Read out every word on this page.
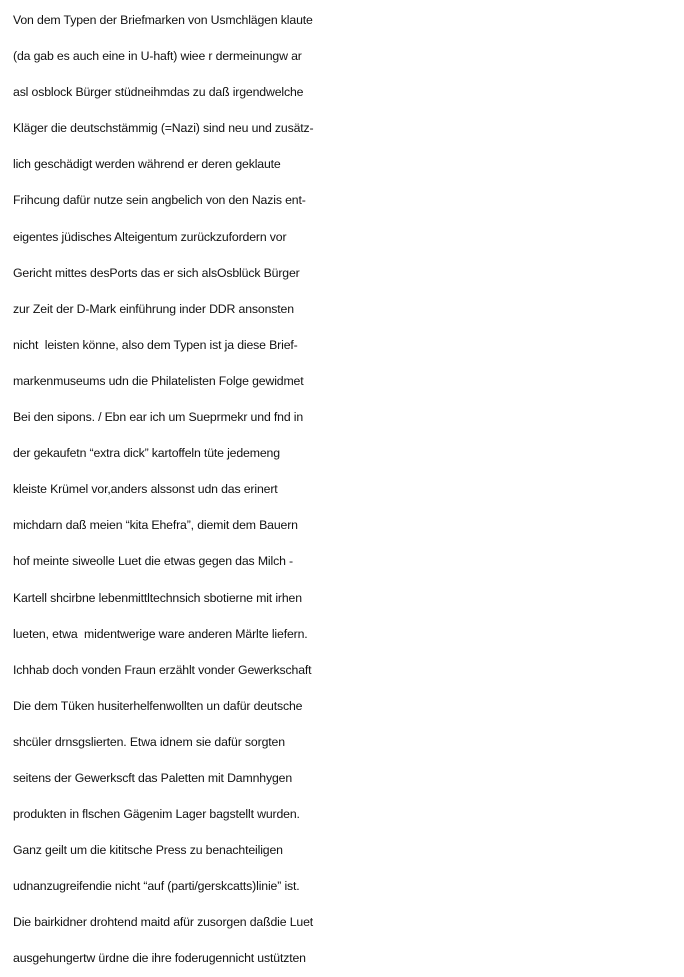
Von dem Typen der Briefmarken von Usmchlägen klaute
(da gab es auch eine in U-haft) wiee r dermeinungw ar
asl osblock Bürger stüdneihmdas zu daß irgendwelche
Kläger die deutschstämmig (=Nazi) sind neu und zusätz-
lich geschädigt werden während er deren geklaute
Frihcung dafür nutze sein angbelich von den Nazis ent-
eigentes jüdisches Alteigentum zurückzufordern vor
Gericht mittes desPorts das er sich alsOsblück Bürger
zur Zeit der D-Mark einführung inder DDR ansonsten
nicht  leisten könne, also dem Typen ist ja diese Brief-
markenmuseums udn die Philatelisten Folge gewidmet
Bei den sipons. / Ebn ear ich um Sueprmekr und fnd in
der gekaufetn “extra dick” kartoffeln tüte jedemeng
kleiste Krümel vor,anders alssonst udn das erinert
michdarn daß meien “kita Ehefra”, diemit dem Bauern
hof meinte siweolle Luet die etwas gegen das Milch -
Kartell shcirbne lebenmittltechnsich sbotierne mit irhen
lueten, etwa  midentwerige ware anderen Märlte liefern.
Ichhab doch vonden Fraun erzählt vonder Gewerkschaft
Die dem Tüken husiterhelfenwollten un dafür deutsche
shcüler drnsgslierten. Etwa idnem sie dafür sorgten
seitens der Gewerkscft das Paletten mit Damnhygen
produkten in flschen Gägenim Lager bagstellt wurden.
Ganz geilt um die kititsche Press zu benachteiligen
udnanzugreifendie nicht “auf (parti/gerskcatts)linie” ist.
Die bairkidner drohtend maitd afür zusorgen daßdie Luet
ausgehungertw ürdne die ihre foderugennicht ustützten
